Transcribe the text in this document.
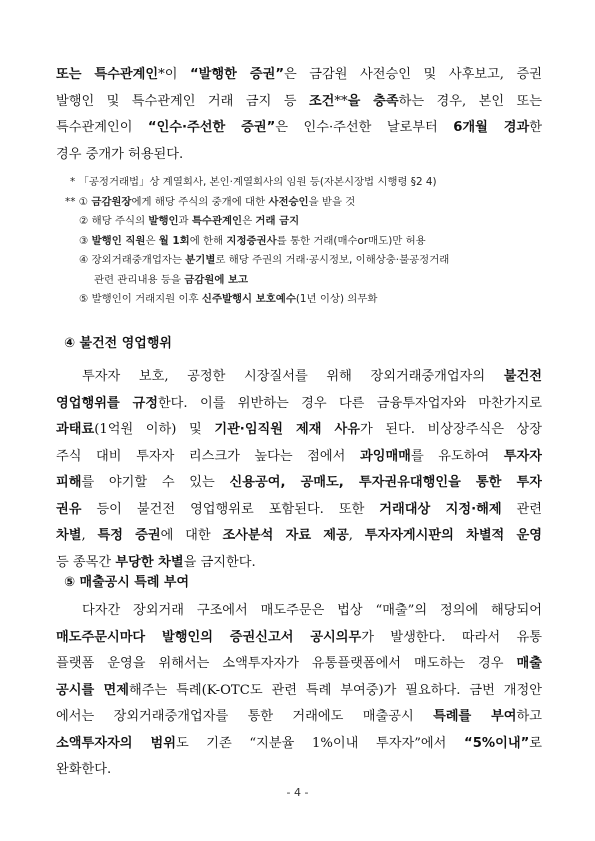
또는 특수관계인*이 “발행한 증권”은 금감원 사전승인 및 사후보고, 증권
발행인 및 특수관계인 거래 금지 등 조건**을 충족하는 경우, 본인 또는
특수관계인이 “인수·주선한 증권”은 인수·주선한 날로부터 6개월 경과한
경우 중개가 허용된다.
* 「공정거래법」상 계열회사, 본인·계열회사의 임원 등(자본시장법 시행령 §2 4)
** ① 금감원장에게 해당 주식의 중개에 대한 사전승인을 받을 것
② 해당 주식의 발행인과 특수관계인은 거래 금지
③ 발행인 직원은 월 1회에 한해 지정증권사를 통한 거래(매수or매도)만 허용
④ 장외거래중개업자는 분기별로 해당 주권의 거래·공시정보, 이해상충·불공정거래
관련 관리내용 등을 금감원에 보고
⑤ 발행인이 거래지원 이후 신주발행시 보호예수(1년 이상) 의무화
④ 불건전 영업행위
투자자 보호, 공정한 시장질서를 위해 장외거래중개업자의 불건전
영업행위를 규정한다. 이를 위반하는 경우 다른 금융투자업자와 마찬가지로
과태료(1억원 이하) 및 기관·임직원 제재 사유가 된다. 비상장주식은 상장
주식 대비 투자자 리스크가 높다는 점에서 과잉매매를 유도하여 투자자
피해를 야기할 수 있는 신용공여, 공매도, 투자권유대행인을 통한 투자
권유 등이 불건전 영업행위로 포함된다. 또한 거래대상 지정·해제 관련
차별, 특정 증권에 대한 조사분석 자료 제공, 투자자게시판의 차별적 운영
등 종목간 부당한 차별을 금지한다.
⑤ 매출공시 특례 부여
다자간 장외거래 구조에서 매도주문은 법상 “매출”의 정의에 해당되어
매도주문시마다 발행인의 증권신고서 공시의무가 발생한다. 따라서 유통
플랫폼 운영을 위해서는 소액투자자가 유통플랫폼에서 매도하는 경우 매출
공시를 면제해주는 특례(K-OTC도 관련 특례 부여중)가 필요하다. 금번 개정안
에서는 장외거래중개업자를 통한 거래에도 매출공시 특례를 부여하고
소액투자자의 범위도 기존 “지분율 1%이내 투자자”에서 “5%이내”로
완화한다.
- 4 -
